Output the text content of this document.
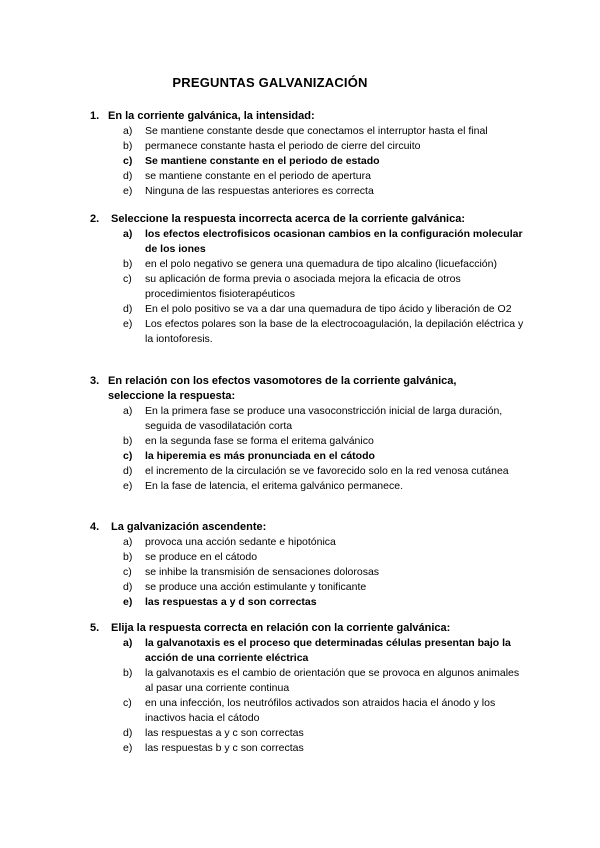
PREGUNTAS GALVANIZACIÓN
1. En la corriente galvánica, la intensidad:
a) Se mantiene constante desde que conectamos el interruptor hasta el final
b) permanece constante hasta el periodo de cierre del circuito
c) Se mantiene constante en el periodo de estado
d) se mantiene constante en el periodo de apertura
e) Ninguna de las respuestas anteriores es correcta
2. Seleccione la respuesta incorrecta acerca de la corriente galvánica:
a) los efectos electrofisicos ocasionan cambios en la configuración molecular de los iones
b) en el polo negativo se genera una quemadura de tipo alcalino (licuefacción)
c) su aplicación de forma previa o asociada mejora la eficacia de otros procedimientos fisioterapéuticos
d) En el polo positivo se va a dar una quemadura de tipo ácido y liberación de O2
e) Los efectos polares son la base de la electrocoagulación, la depilación eléctrica y la iontoforesis.
3. En relación con los efectos vasomotores de la corriente galvánica, seleccione la respuesta:
a) En la primera fase se produce una vasoconstricción inicial de larga duración, seguida de vasodilatación corta
b) en la segunda fase se forma el eritema galvánico
c) la hiperemia es más pronunciada en el cátodo
d) el incremento de la circulación se ve favorecido solo en la red venosa cutánea
e) En la fase de latencia, el eritema galvánico permanece.
4. La galvanización ascendente:
a) provoca una acción sedante e hipotónica
b) se produce en el cátodo
c) se inhibe la transmisión de sensaciones dolorosas
d) se produce una acción estimulante y tonificante
e) las respuestas a y d son correctas
5. Elija la respuesta correcta en relación con la corriente galvánica:
a) la galvanotaxis es el proceso que determinadas células presentan bajo la acción de una corriente eléctrica
b) la galvanotaxis es el cambio de orientación que se provoca en algunos animales al pasar una corriente continua
c) en una infección, los neutrófilos activados son atraidos hacia el ánodo y los inactivos hacia el cátodo
d) las respuestas a y c son correctas
e) las respuestas b y c son correctas
